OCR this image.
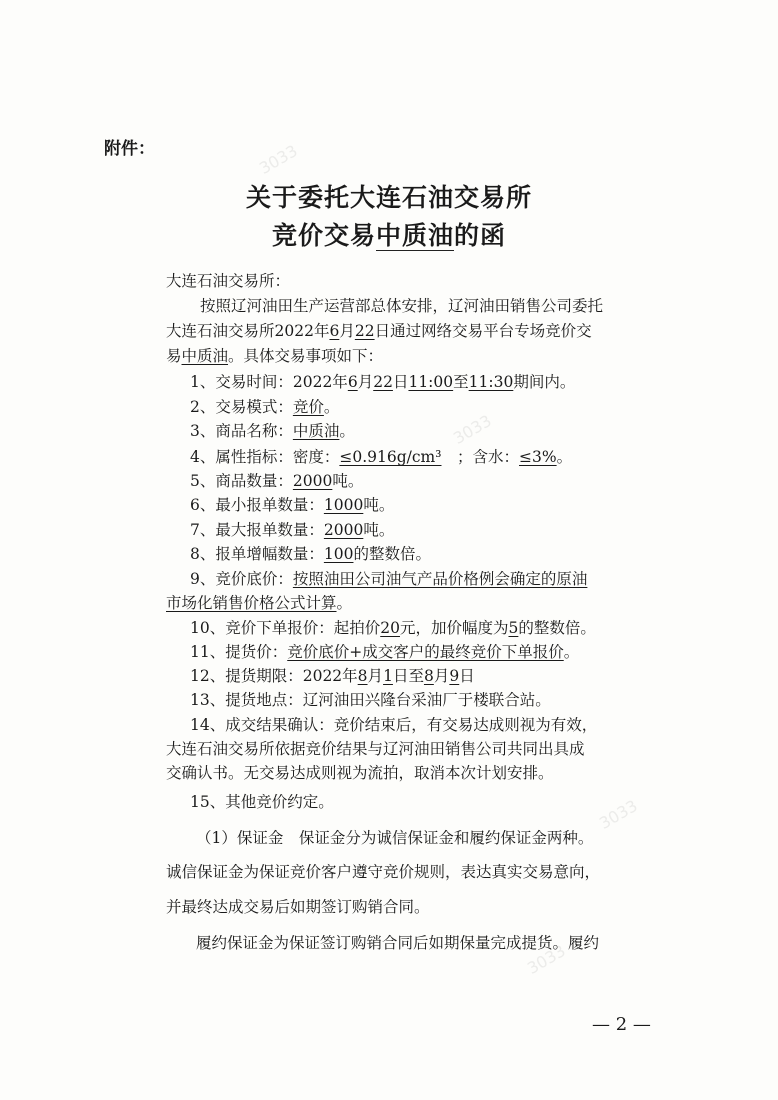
3033
3033
3033
3033
附件：
关于委托大连石油交易所
竞价交易中质油的函
大连石油交易所：
按照辽河油田生产运营部总体安排，辽河油田销售公司委托
大连石油交易所2022年6月22日通过网络交易平台专场竞价交
易中质油。具体交易事项如下：
1、交易时间：2022年6月22日11:00至11:30期间内。
2、交易模式：竞价。
3、商品名称：中质油。
4、属性指标：密度：≤0.916g/cm³　 ；含水：≤3%。
5、商品数量：2000吨。
6、最小报单数量：1000吨。
7、最大报单数量：2000吨。
8、报单增幅数量：100的整数倍。
9、竞价底价：按照油田公司油气产品价格例会确定的原油
市场化销售价格公式计算。
10、竞价下单报价：起拍价20元，加价幅度为5的整数倍。
11、提货价：竞价底价+成交客户的最终竞价下单报价。
12、提货期限：2022年8月1日至8月9日
13、提货地点：辽河油田兴隆台采油厂于楼联合站。
14、成交结果确认：竞价结束后，有交易达成则视为有效，
大连石油交易所依据竞价结果与辽河油田销售公司共同出具成
交确认书。无交易达成则视为流拍，取消本次计划安排。
15、其他竞价约定。
（1）保证金　保证金分为诚信保证金和履约保证金两种。
诚信保证金为保证竞价客户遵守竞价规则，表达真实交易意向，
并最终达成交易后如期签订购销合同。
履约保证金为保证签订购销合同后如期保量完成提货。履约
— 2 —
